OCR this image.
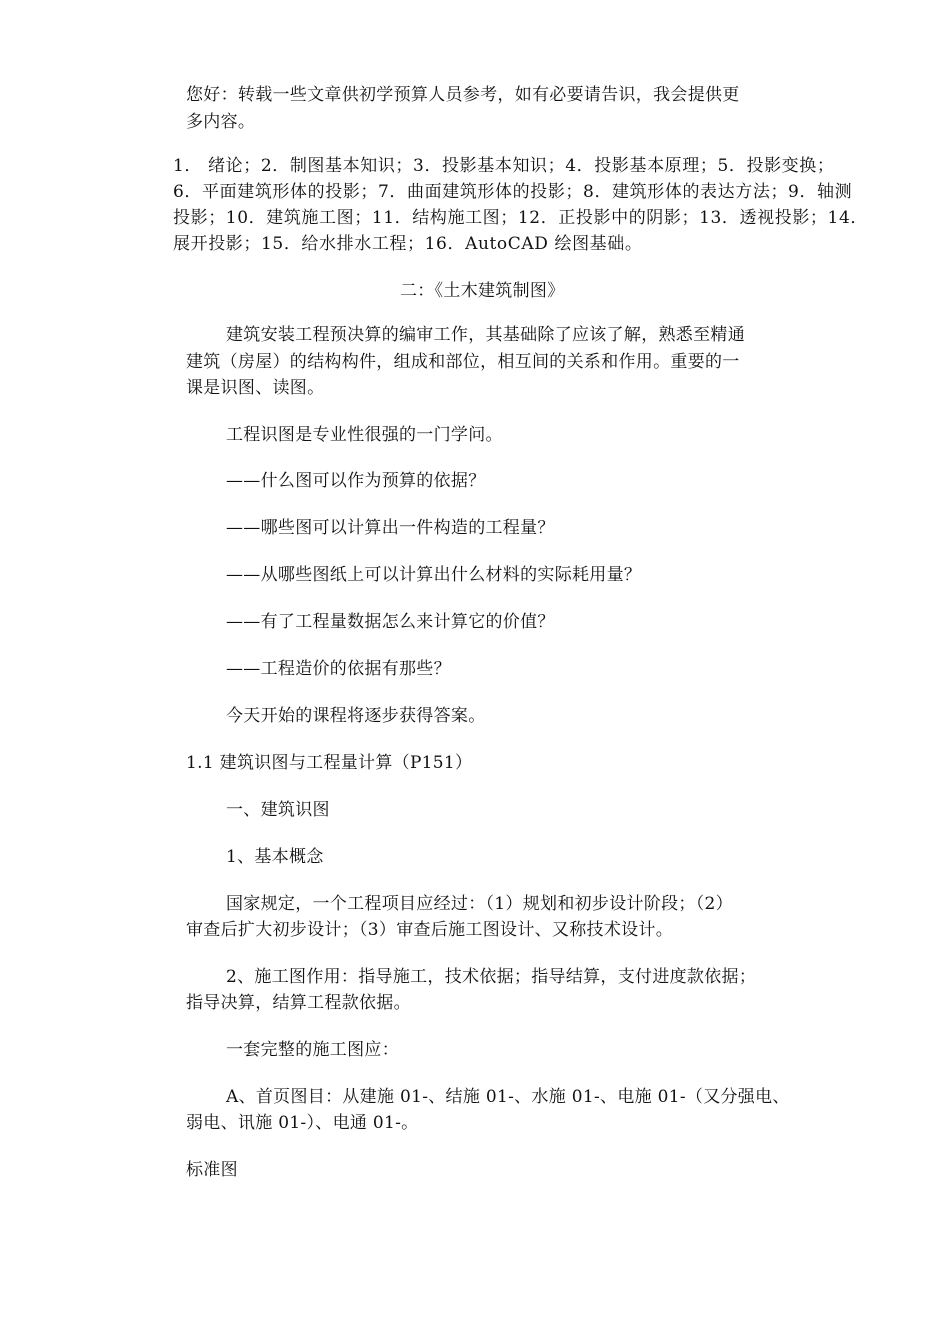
您好：转载一些文章供初学预算人员参考，如有必要请告识，我会提供更

多内容。

1． 绪论；2．制图基本知识；3．投影基本知识；4．投影基本原理；5．投影变换；

6．平面建筑形体的投影；7．曲面建筑形体的投影；8．建筑形体的表达方法；9．轴测

投影；10．建筑施工图；11．结构施工图；12．正投影中的阴影；13．透视投影；14．

展开投影；15．给水排水工程；16．AutoCAD 绘图基础。

二：《土木建筑制图》

建筑安装工程预决算的编审工作，其基础除了应该了解，熟悉至精通

建筑（房屋）的结构构件，组成和部位，相互间的关系和作用。重要的一

课是识图、读图。

工程识图是专业性很强的一门学问。

——什么图可以作为预算的依据？

——哪些图可以计算出一件构造的工程量？

——从哪些图纸上可以计算出什么材料的实际耗用量？

——有了工程量数据怎么来计算它的价值？

——工程造价的依据有那些？

今天开始的课程将逐步获得答案。

1.1 建筑识图与工程量计算（P151）

一、建筑识图

1、基本概念

国家规定，一个工程项目应经过：（1）规划和初步设计阶段；（2）

审查后扩大初步设计；（3）审查后施工图设计、又称技术设计。

2、施工图作用：指导施工，技术依据；指导结算，支付进度款依据；

指导决算，结算工程款依据。

一套完整的施工图应：

A、首页图目：从建施 01-、结施 01-、水施 01-、电施 01-（又分强电、

弱电、讯施 01-）、电通 01-。

标准图
